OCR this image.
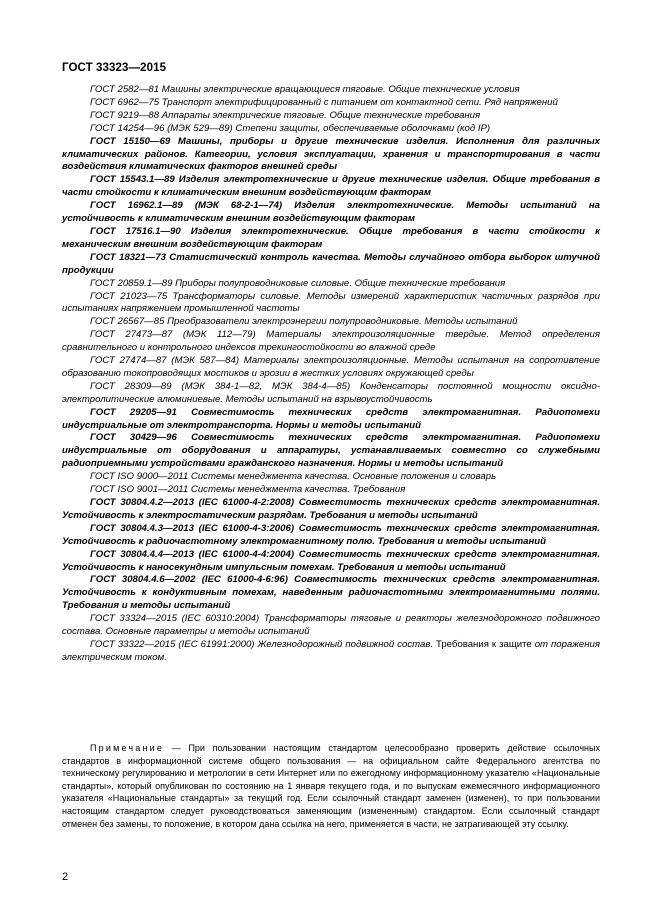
ГОСТ 33323—2015

ГОСТ 2582—81 Машины электрические вращающиеся тяговые. Общие технические условия

ГОСТ 6962—75 Транспорт электрифицированный с питанием от контактной сети. Ряд напряжений

ГОСТ 9219—88 Аппараты электрические тяговые. Общие технические требования

ГОСТ 14254—96 (МЭК 529—89) Степени защиты, обеспечиваемые оболочками (код IP)

ГОСТ 15150—69 Машины, приборы и другие технические изделия. Исполнения для различных климатических районов. Категории, условия эксплуатации, хранения и транспортирования в части воздействия климатических факторов внешней среды

ГОСТ 15543.1—89 Изделия электротехнические и другие технические изделия. Общие требования в части стойкости к климатическим внешним воздействующим факторам

ГОСТ 16962.1—89 (МЭК 68-2-1—74) Изделия электротехнические. Методы испытаний на устойчивость к климатическим внешним воздействующим факторам

ГОСТ 17516.1—90 Изделия электротехнические. Общие требования в части стойкости к механическим внешним воздействующим факторам

ГОСТ 18321—73 Статистический контроль качества. Методы случайного отбора выборок штучной продукции

ГОСТ 20859.1—89 Приборы полупроводниковые силовые. Общие технические требования

ГОСТ 21023—75 Трансформаторы силовые. Методы измерений характеристик частичных разрядов при испытаниях напряжением промышленной частоты

ГОСТ 26567—85 Преобразователи электроэнергии полупроводниковые. Методы испытаний

ГОСТ 27473—87 (МЭК 112—79) Материалы электроизоляционные твердые. Метод определения сравнительного и контрольного индексов трекингостойкости во влажной среде

ГОСТ 27474—87 (МЭК 587—84) Материалы электроизоляционные. Методы испытания на сопротивление образованию токопроводящих мостиков и эрозии в жестких условиях окружающей среды

ГОСТ 28309—89 (МЭК 384-1—82, МЭК 384-4—85) Конденсаторы постоянной мощности оксидно-электролитические алюминиевые. Методы испытаний на взрывоустойчивость

ГОСТ 29205—91 Совместимость технических средств электромагнитная. Радиопомехи индустриальные от электротранспорта. Нормы и методы испытаний

ГОСТ 30429—96 Совместимость технических средств электромагнитная. Радиопомехи индустриальные от оборудования и аппаратуры, устанавливаемых совместно со служебными радиоприемными устройствами гражданского назначения. Нормы и методы испытаний

ГОСТ ISO 9000—2011 Системы менеджмента качества. Основные положения и словарь

ГОСТ ISO 9001—2011 Системы менеджмента качества. Требования

ГОСТ 30804.4.2—2013 (IEC 61000-4-2:2008) Совместимость технических средств электромагнитная. Устойчивость к электростатическим разрядам. Требования и методы испытаний

ГОСТ 30804.4.3—2013 (IEC 61000-4-3:2006) Совместимость технических средств электромагнитная. Устойчивость к радиочастотному электромагнитному полю. Требования и методы испытаний

ГОСТ 30804.4.4—2013 (IEC 61000-4-4:2004) Совместимость технических средств электромагнитная. Устойчивость к наносекундным импульсным помехам. Требования и методы испытаний

ГОСТ 30804.4.6—2002 (IEC 61000-4-6:96) Совместимость технических средств электромагнитная. Устойчивость к кондуктивным помехам, наведенным радиочастотными электромагнитными полями. Требования и методы испытаний

ГОСТ 33324—2015 (IEC 60310:2004) Трансформаторы тяговые и реакторы железнодорожного подвижного состава. Основные параметры и методы испытаний

ГОСТ 33322—2015 (IEC 61991:2000) Железнодорожный подвижной состав. Требования к защите от поражения электрическим током.

Примечание — При пользовании настоящим стандартом целесообразно проверить действие ссылочных стандартов в информационной системе общего пользования — на официальном сайте Федерального агентства по техническому регулированию и метрологии в сети Интернет или по ежегодному информационному указателю «Национальные стандарты», который опубликован по состоянию на 1 января текущего года, и по выпускам ежемесячного информационного указателя «Национальные стандарты» за текущий год. Если ссылочный стандарт заменен (изменен), то при пользовании настоящим стандартом следует руководствоваться заменяющим (измененным) стандартом. Если ссылочный стандарт отменен без замены, то положение, в котором дана ссылка на него, применяется в части, не затрагивающей эту ссылку.
2
